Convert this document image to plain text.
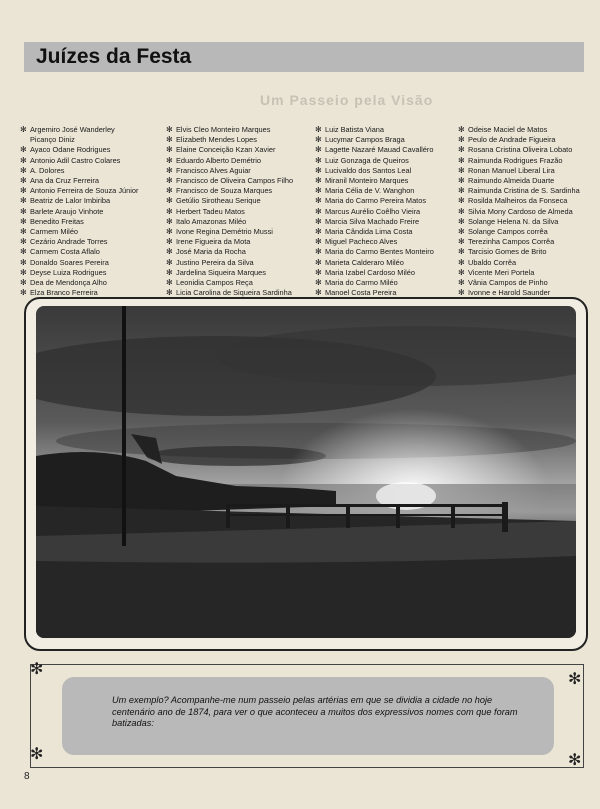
Juízes da Festa
Um Passeio pela Visão
✻ Argemiro José Wanderley
Picanço Diniz
✻ Ayaco Odane Rodrigues
✻ Antonio Adil Castro Colares
✻ A. Dolores
✻ Ana da Cruz Ferreira
✻ Antonio Ferreira de Souza Júnior
✻ Beatriz de Lalor Imbiriba
✻ Barlete Araujo Vinhote
✻ Benedito Freitas
✻ Carmem Miléo
✻ Cezário Andrade Torres
✻ Carmem Costa Aflalo
✻ Donaldo Soares Pereira
✻ Deyse Luiza Rodrigues
✻ Dea de Mendonça Alho
✻ Elza Branco Ferreira
✻ Elvis Cleo Monteiro Marques
✻ Elizabeth Mendes Lopes
✻ Elaine Conceição Kzan Xavier
✻ Eduardo Alberto Demétrio
✻ Francisco Alves Aguiar
✻ Francisco de Oliveira Campos Filho
✻ Francisco de Souza Marques
✻ Getúlio Sirotheau Serique
✻ Herbert Tadeu Matos
✻ Italo Amazonas Miléo
✻ Ivone Regina Demétrio Mussi
✻ Irene Figueira da Mota
✻ José Maria da Rocha
✻ Justino Pereira da Silva
✻ Jardelina Siqueira Marques
✻ Leonidia Campos Reça
✻ Licia Carolina de Siqueira Sardinha
✻ Luiz Batista Viana
✻ Lucymar Campos Braga
✻ Lagette Nazaré Mauad Cavalléro
✻ Luiz Gonzaga de Queiros
✻ Lucivaldo dos Santos Leal
✻ Miranil Monteiro Marques
✻ Maria Célia de V. Wanghon
✻ Maria do Carmo Pereira Matos
✻ Marcus Aurélio Coêlho Vieira
✻ Marcia Silva Machado Freire
✻ Maria Cândida Lima Costa
✻ Miguel Pacheco Alves
✻ Maria do Carmo Bentes Monteiro
✻ Marieta Calderaro Miléo
✻ Maria Izabel Cardoso Miléo
✻ Maria do Carmo Miléo
✻ Manoel Costa Pereira
✻ Odeise Maciel de Matos
✻ Peulo de Andrade Figueira
✻ Rosana Cristina Oliveira Lobato
✻ Raimunda Rodrigues Frazão
✻ Ronan Manuel Liberal Lira
✻ Raimundo Almeida Duarte
✻ Raimunda Cristina de S. Sardinha
✻ Rosilda Malheiros da Fonseca
✻ Silvia Mony Cardoso de Almeda
✻ Solange Helena N. da Silva
✻ Solange Campos corrêa
✻ Terezinha Campos Corrêa
✻ Tarcisio Gomes de Brito
✻ Ubaldo Corrêa
✻ Vicente Meri Portela
✻ Vânia Campos de Pinho
✻ Ivonne e Harold Saunder
✻
✻
✻	✻

Um exemplo? Acompanhe-me num passeio pelas artérias em que se dividia a cidade no hoje centenário ano de 1874, para ver o que aconteceu a muitos dos expressivos nomes com que foram batizadas:

8
